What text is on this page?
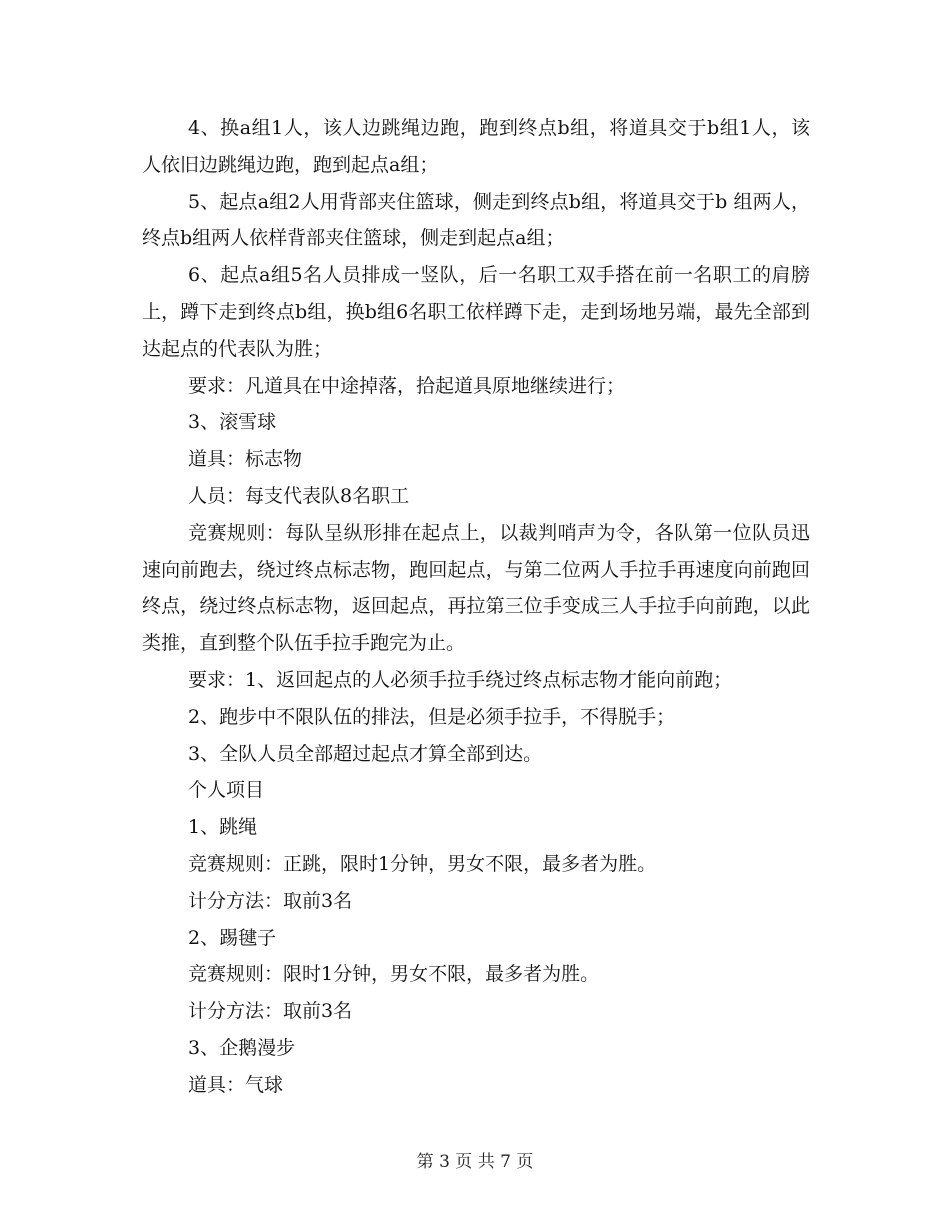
4、换a组1人，该人边跳绳边跑，跑到终点b组，将道具交于b组1人，该人依旧边跳绳边跑，跑到起点a组；

5、起点a组2人用背部夹住篮球，侧走到终点b组，将道具交于b 组两人，终点b组两人依样背部夹住篮球，侧走到起点a组；

6、起点a组5名人员排成一竖队，后一名职工双手搭在前一名职工的肩膀上，蹲下走到终点b组，换b组6名职工依样蹲下走，走到场地另端，最先全部到达起点的代表队为胜；

要求：凡道具在中途掉落，拾起道具原地继续进行；

3、滚雪球

道具：标志物

人员：每支代表队8名职工

竞赛规则：每队呈纵形排在起点上，以裁判哨声为令，各队第一位队员迅速向前跑去，绕过终点标志物，跑回起点，与第二位两人手拉手再速度向前跑回终点，绕过终点标志物，返回起点，再拉第三位手变成三人手拉手向前跑，以此类推，直到整个队伍手拉手跑完为止。

要求：1、返回起点的人必须手拉手绕过终点标志物才能向前跑；

2、跑步中不限队伍的排法，但是必须手拉手，不得脱手；

3、全队人员全部超过起点才算全部到达。

个人项目

1、跳绳

竞赛规则：正跳，限时1分钟，男女不限，最多者为胜。

计分方法：取前3名

2、踢毽子

竞赛规则：限时1分钟，男女不限，最多者为胜。

计分方法：取前3名

3、企鹅漫步

道具：气球

第 3 页 共 7 页
